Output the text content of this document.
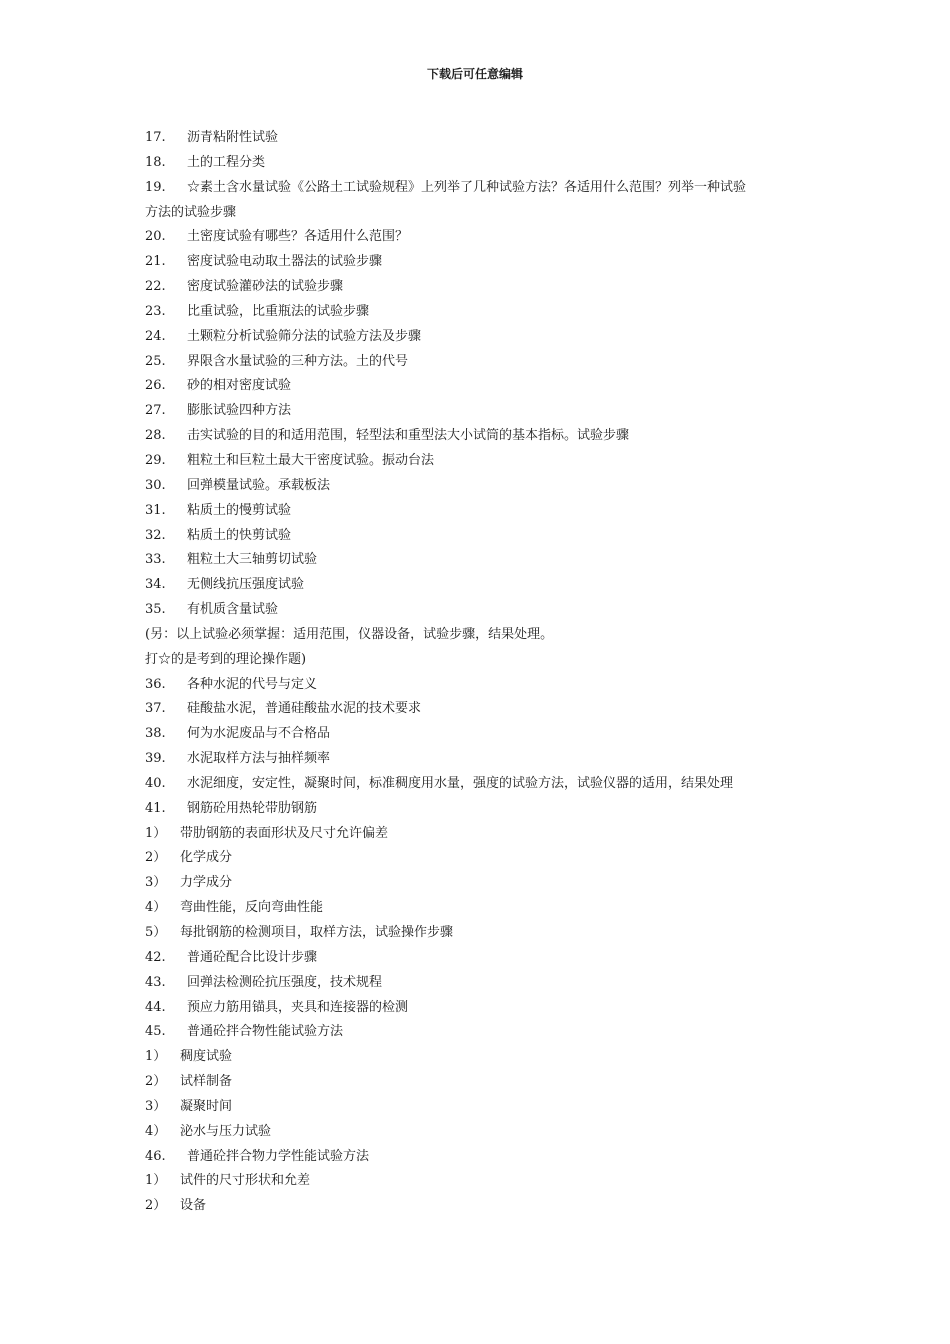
下载后可任意编辑
17.	沥青粘附性试验
18.	土的工程分类
19.	☆素土含水量试验《公路土工试验规程》上列举了几种试验方法？各适用什么范围？列举一种试验
方法的试验步骤
20.	土密度试验有哪些？各适用什么范围？
21.	密度试验电动取土器法的试验步骤
22.	密度试验灌砂法的试验步骤
23.	比重试验，比重瓶法的试验步骤
24.	土颗粒分析试验筛分法的试验方法及步骤
25.	界限含水量试验的三种方法。土的代号
26.	砂的相对密度试验
27.	膨胀试验四种方法
28.	击实试验的目的和适用范围，轻型法和重型法大小试筒的基本指标。试验步骤
29.	粗粒土和巨粒土最大干密度试验。振动台法
30.	回弹模量试验。承载板法
31.	粘质土的慢剪试验
32.	粘质土的快剪试验
33.	粗粒土大三轴剪切试验
34.	无侧线抗压强度试验
35.	有机质含量试验
(另：以上试验必须掌握：适用范围，仪器设备，试验步骤，结果处理。
打☆的是考到的理论操作题)
36.	各种水泥的代号与定义
37.	硅酸盐水泥，普通硅酸盐水泥的技术要求
38.	何为水泥废品与不合格品
39.	水泥取样方法与抽样频率
40.	水泥细度，安定性，凝聚时间，标准稠度用水量，强度的试验方法，试验仪器的适用，结果处理
41.	钢筋砼用热轮带肋钢筋
1）	带肋钢筋的表面形状及尺寸允许偏差
2）	化学成分
3）	力学成分
4）	弯曲性能，反向弯曲性能
5）	每批钢筋的检测项目，取样方法，试验操作步骤
42.	普通砼配合比设计步骤
43.	回弹法检测砼抗压强度，技术规程
44.	预应力筋用锚具，夹具和连接器的检测
45.	普通砼拌合物性能试验方法
1）	稠度试验
2）	试样制备
3）	凝聚时间
4）	泌水与压力试验
46.	普通砼拌合物力学性能试验方法
1）	试件的尺寸形状和允差
2）	设备
